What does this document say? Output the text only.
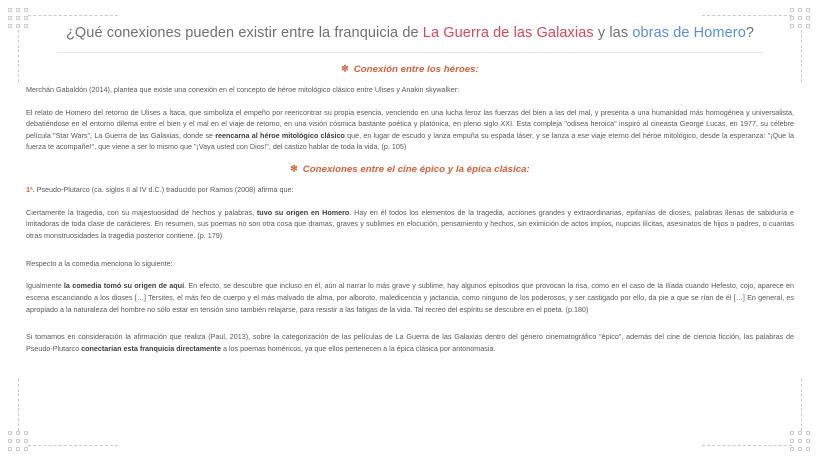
¿Qué conexiones pueden existir entre la franquicia de La Guerra de las Galaxias y las obras de Homero?
✻ Conexión entre los héroes:

Merchán Gabaldón (2014), plantea que existe una conexión en el concepto de héroe mitológico clásico entre Ulises y Anakin skywalker:

El relato de Homero del retorno de Ulises a Ítaca, que simboliza el empeño por reencontrar su propia esencia, venciendo en una lucha feroz las fuerzas del bien a las del mal, y presenta a una humanidad más homogénea y universalista, debatiéndose en el entorno dilema entre el bien y el mal en el viaje de retorno, en una visión cósmica bastante poética y platónica, en pleno siglo XXI. Esta compleja "odisea heroica" inspiró al cineasta George Lucas, en 1977, su célebre película "Star Wars", La Guerra de las Galaxias, donde se reencarna al héroe mitológico clásico que, en lugar de escudo y lanza empuña su espada láser, y se lanza a ese viaje eterno del héroe mitológico, desde la esperanza: "¡Que la fuerza te acompañe!", que viene a ser lo mismo que "¡Vaya usted con Dios!", del castizo hablar de toda la vida. (p. 105)

✻ Conexiones entre el cine épico y la épica clásica:

1ª. Pseudo-Plutarco (ca. siglos II al IV d.C.) traducido por Ramos (2008) afirma que:

Ciertamente la tragedia, con su majestuosidad de hechos y palabras, tuvo su origen en Homero. Hay en él todos los elementos de la tragedia, acciones grandes y extraordinarias, epifanías de dioses, palabras llenas de sabiduría e imitadoras de toda clase de carácteres. En resumen, sus poemas no son otra cosa que dramas, graves y sublimes en elocución, pensamiento y hechos, sin eximición de actos impíos, nupcias ilícitas, asesinatos de hijos o padres, o cuantas otras monstruosidades la tragedia posterior contiene. (p. 179)

Respecto a la comedia menciona lo siguiente:

Igualmente la comedia tomó su origen de aquí. En efecto, se descubre que incluso en él, aún al narrar lo más grave y sublime, hay algunos episodios que provocan la risa, como en el caso de la Ilíada cuando Hefesto, cojo, aparece en escena escanciando a los dioses […] Tersites, el más feo de cuerpo y el más malvado de alma, por alboroto, maledicencia y jactancia, como ninguno de los poderosos, y ser castigado por ello, da pie a que se rían de él […] En general, es apropiado a la naturaleza del hombre no sólo estar en tensión sino también relajarse, para resistir a las fatigas de la vida. Tal recreo del espíritu se descubre en el poeta. (p.180)

Si tomamos en consideración la afirmación que realiza (Paul, 2013), sobre la categorización de las películas de La Guerra de las Galaxias dentro del género cinematográfico "épico", además del cine de ciencia ficción, las palabras de Pseudo-Plutarco conectarían esta franquicia directamente a los poemas homéricos, ya que ellos pertenecen a la épica clásica por antonomasia.
